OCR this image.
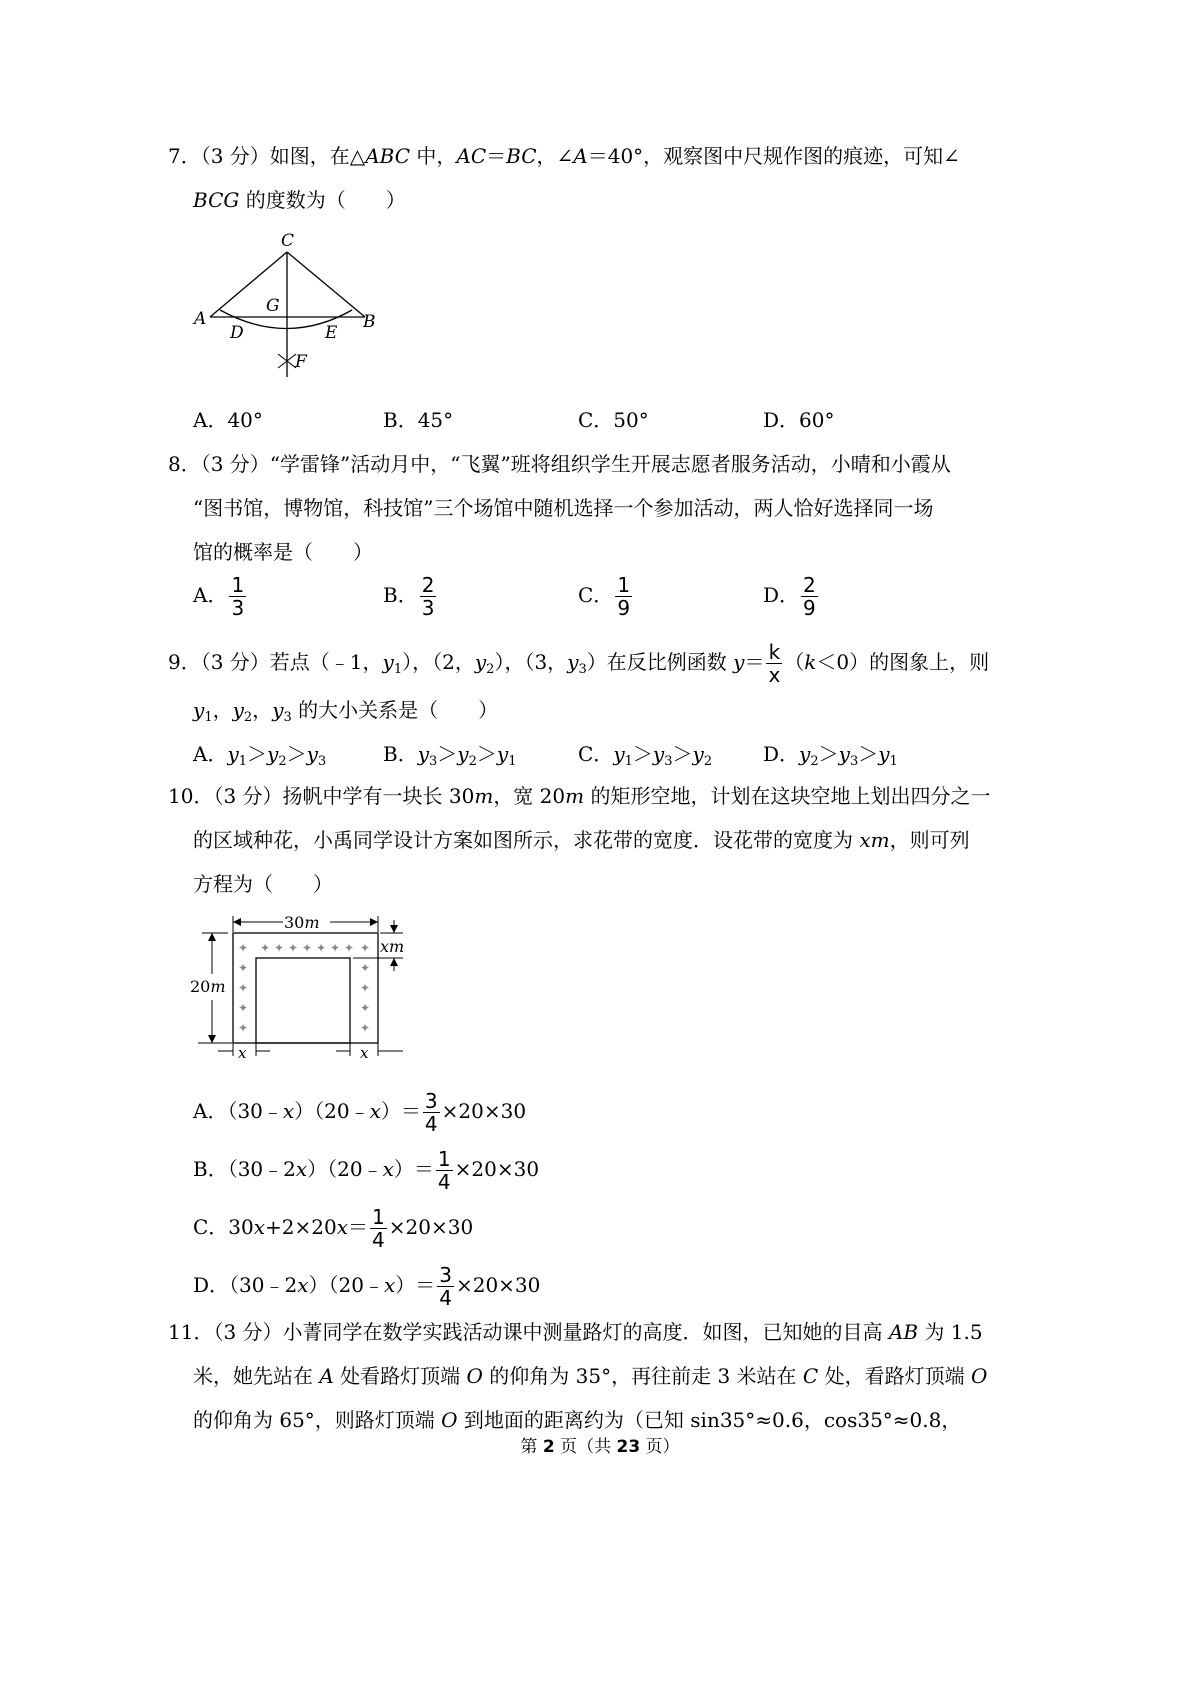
7．（3 分）如图，在△ABC 中，AC＝BC，∠A＝40°，观察图中尺规作图的痕迹，可知∠
BCG 的度数为（　　）
C
G
A
D	E
B
F
A．40°	B．45°	C．50°	D．60°
8．（3 分）“学雷锋”活动月中，“飞翼”班将组织学生开展志愿者服务活动，小晴和小霞从
“图书馆，博物馆，科技馆”三个场馆中随机选择一个参加活动，两人恰好选择同一场
馆的概率是（　　）
A． $\frac{1}{3}$	B． $\frac{2}{3}$	C． $\frac{1}{9}$	D． $\frac{2}{9}$
9．（3 分）若点（﹣1，$y_1$），（2，$y_2$），（3，$y_3$）在反比例函数 $y= \frac{k}{x} (k<0)$的图象上，则
$y_1$，$y_2$，$y_3$ 的大小关系是（　　）
A．$y_1>y_2>y_3$	B．$y_3>y_2>y_1$	C．$y_1>y_3>y_2$	D．$y_2>y_3>y_1$
10．（3 分）扬帆中学有一块长 30m，宽 20m 的矩形空地，计划在这块空地上划出四分之一
的区域种花，小禹同学设计方案如图所示，求花带的宽度．设花带的宽度为 xm，则可列
方程为（　　）
30m
20m
xm
x	x
✦ ✦ ✦ ✦ ✦ ✦ ✦
✦
✦
✦
✦
✦
✦
✦
✦
✦
✦
A．（30﹣x）（20﹣x）＝ $\frac{3}{4} \times 20\times 30$
B．（30﹣2x）（20﹣x）＝ $\frac{1}{4} \times 20\times 30$
C．$30x+2\times 20x= \frac{1}{4} \times 20\times 30$
D．（30﹣2x）（20﹣x）＝ $\frac{3}{4} \times 20\times 30$
11．（3 分）小菁同学在数学实践活动课中测量路灯的高度．如图，已知她的目高 AB 为 1.5
米，她先站在 A 处看路灯顶端 O 的仰角为 35°，再往前走 3 米站在 C 处，看路灯顶端 O
的仰角为 65°，则路灯顶端 O 到地面的距离约为（已知 sin35°≈0.6，cos35°≈0.8，
第 2 页（共 23 页）
